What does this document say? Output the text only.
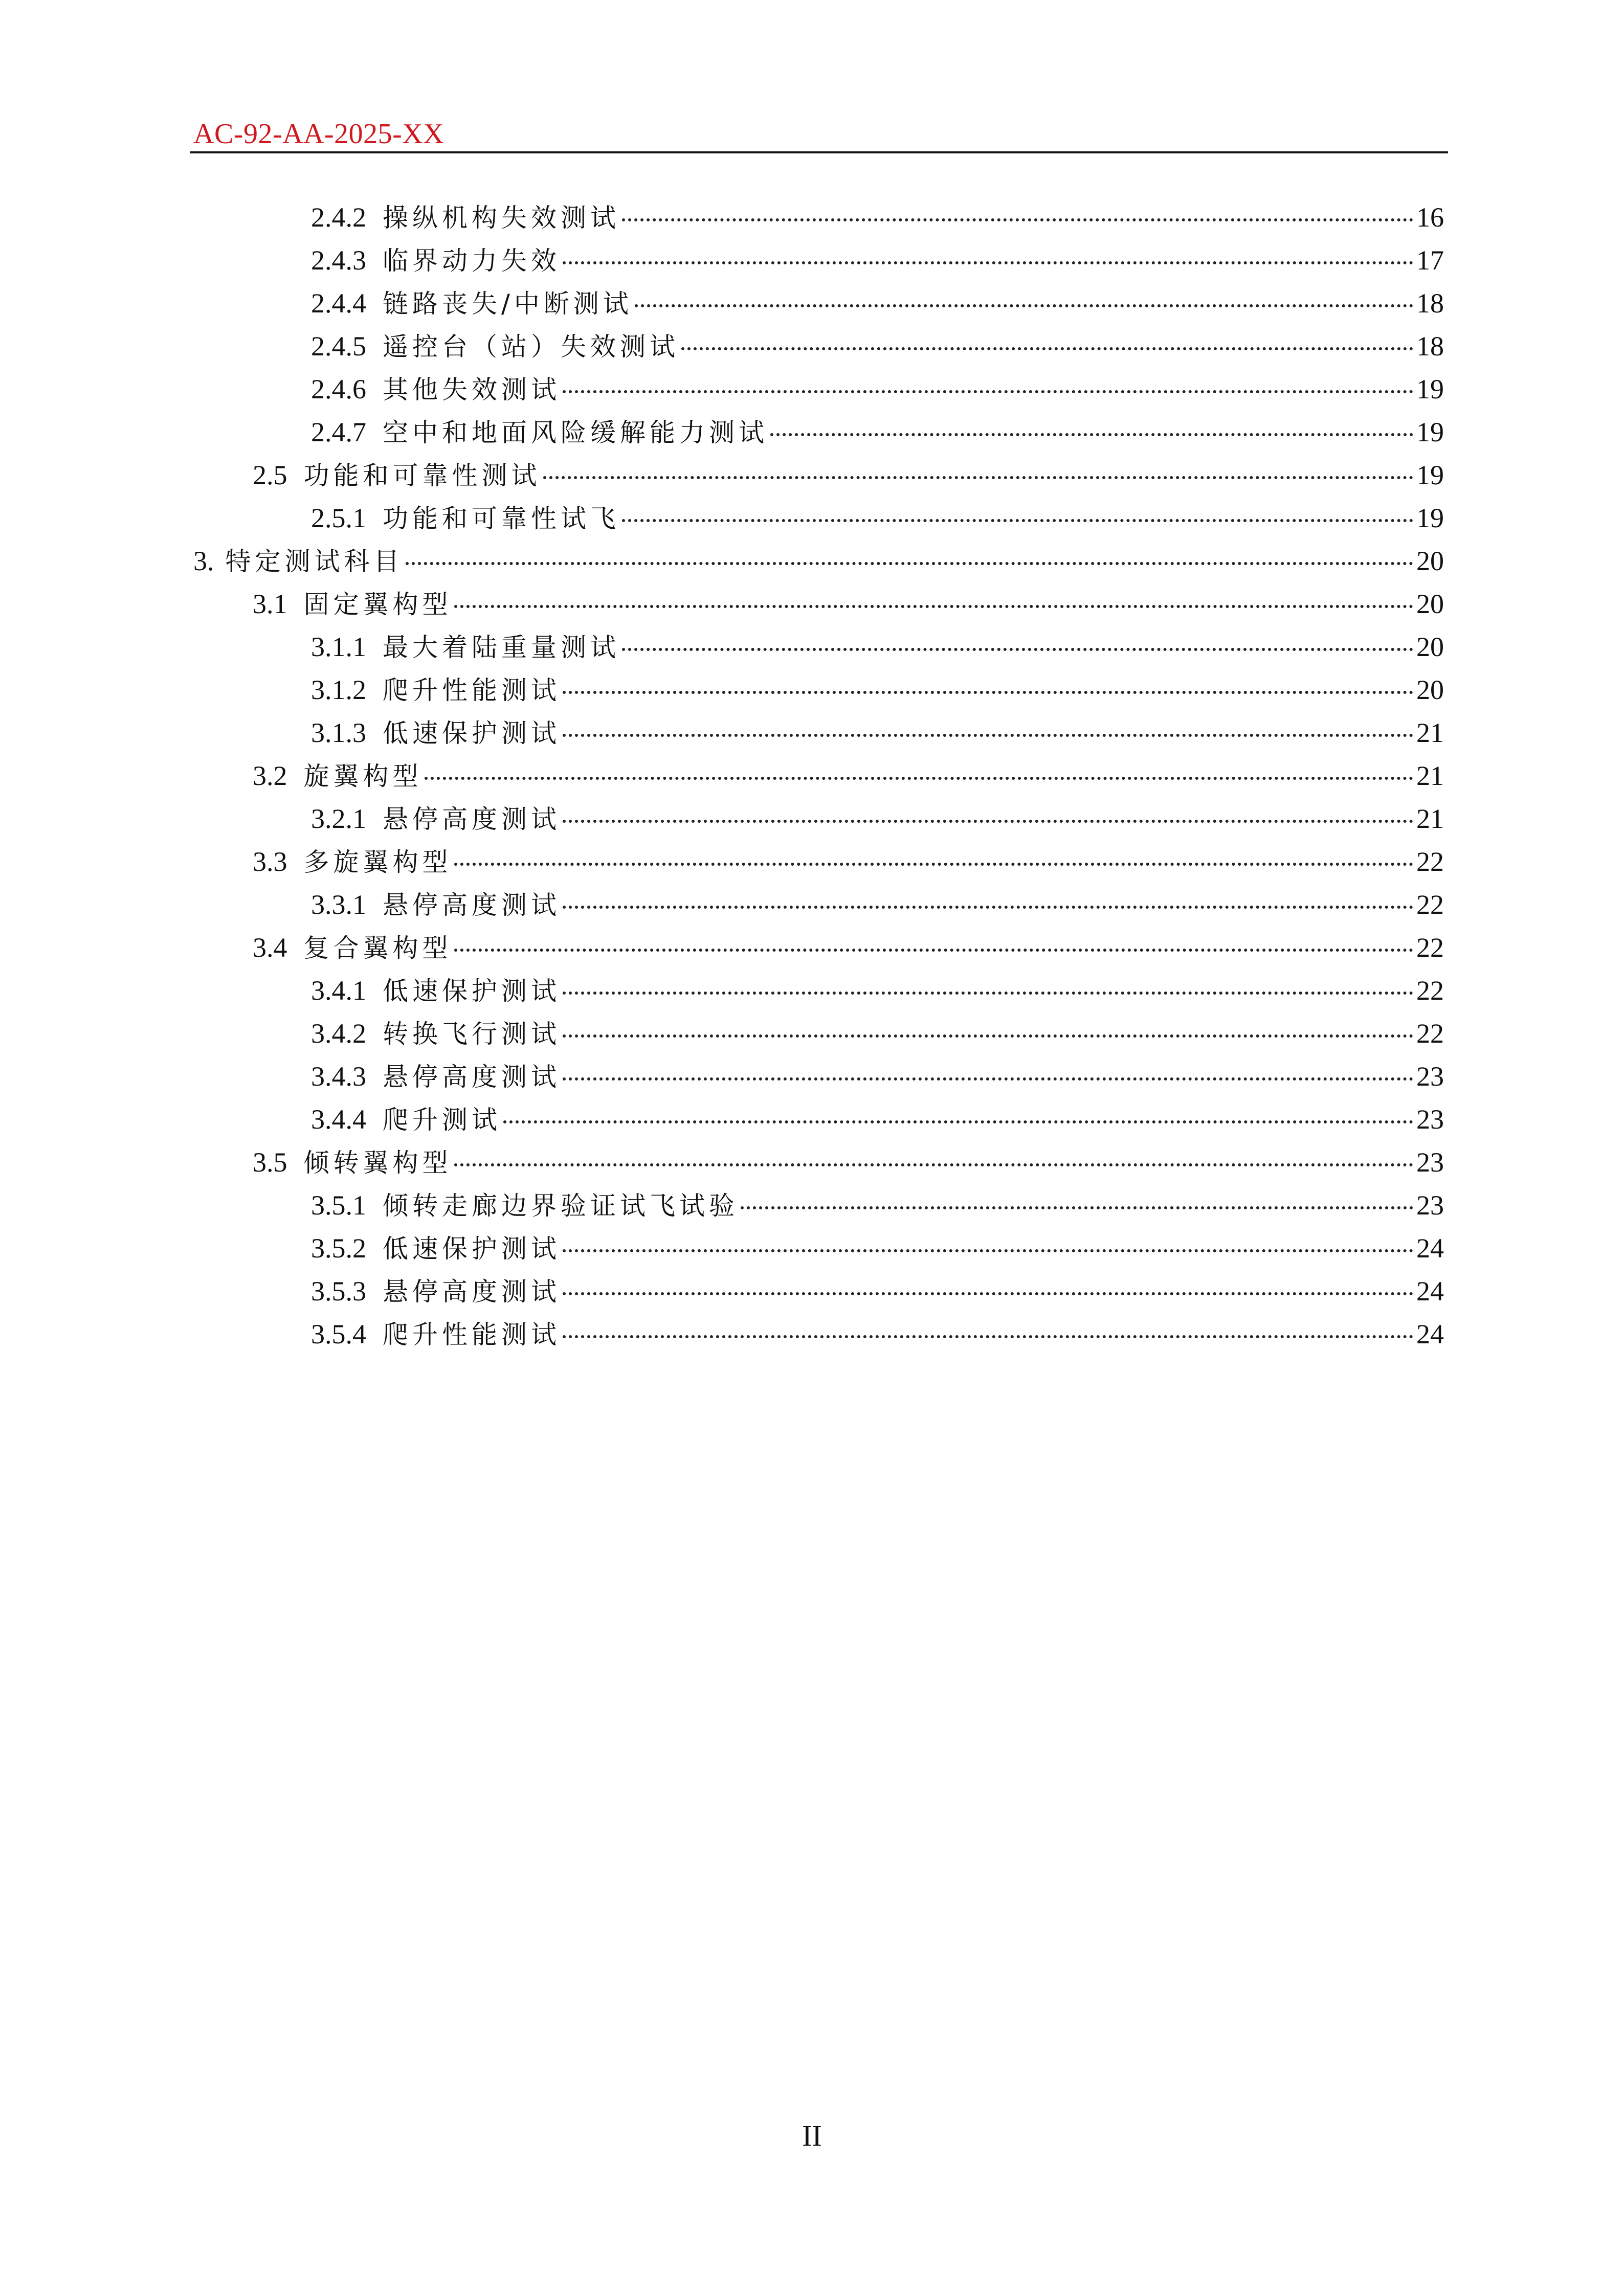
AC-92-AA-2025-XX
2.4.2 操纵机构失效测试	16
2.4.3 临界动力失效	17
2.4.4 链路丧失/中断测试	18
2.4.5 遥控台（站）失效测试	18
2.4.6 其他失效测试	19
2.4.7 空中和地面风险缓解能力测试	19
2.5 功能和可靠性测试	19
2.5.1 功能和可靠性试飞	19
3. 特定测试科目	20
3.1 固定翼构型	20
3.1.1 最大着陆重量测试	20
3.1.2 爬升性能测试	20
3.1.3 低速保护测试	21
3.2 旋翼构型	21
3.2.1 悬停高度测试	21
3.3 多旋翼构型	22
3.3.1 悬停高度测试	22
3.4 复合翼构型	22
3.4.1 低速保护测试	22
3.4.2 转换飞行测试	22
3.4.3 悬停高度测试	23
3.4.4 爬升测试	23
3.5 倾转翼构型	23
3.5.1 倾转走廊边界验证试飞试验	23
3.5.2 低速保护测试	24
3.5.3 悬停高度测试	24
3.5.4 爬升性能测试	24
II
